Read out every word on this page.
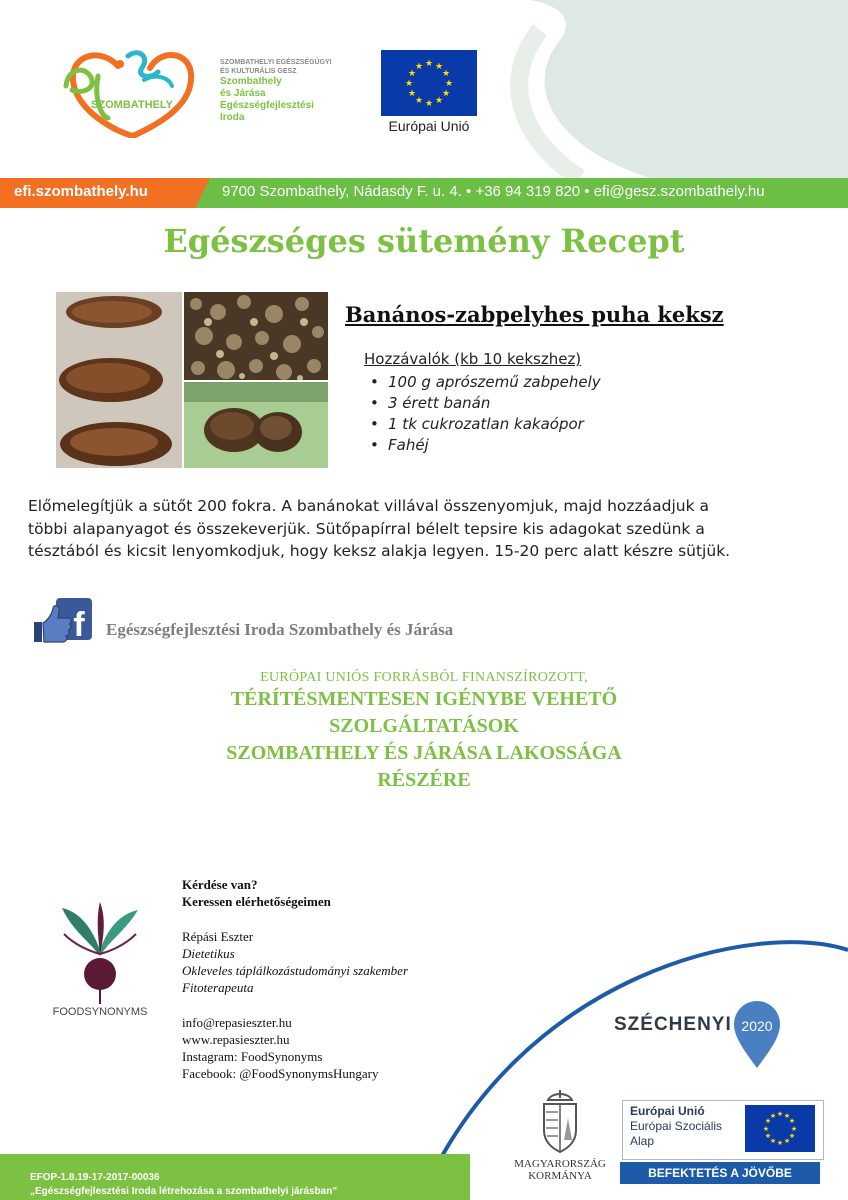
SZOMBATHELY
SZOMBATHELYI EGÉSZSÉGÜGYI
ÉS KULTURÁLIS GESZ
Szombathely
és Járása
Egészségfejlesztési
Iroda
★ ★
★
★
★
★
★
★
★
★
★
★
Európai Unió
efi.szombathely.hu	9700 Szombathely, Nádasdy F. u. 4. • +36 94 319 820 • efi@gesz.szombathely.hu
Egészséges sütemény Recept
Banános-zabpelyhes puha keksz
Hozzávalók (kb 10 kekszhez)
• 100 g aprószemű zabpehely
• 3 érett banán
• 1 tk cukrozatlan kakaópor
• Fahéj
Előmelegítjük a sütőt 200 fokra. A banánokat villával összenyomjuk, majd hozzáadjuk a
többi alapanyagot és összekeverjük. Sütőpapírral bélelt tepsire kis adagokat szedünk a
tésztából és kicsit lenyomkodjuk, hogy keksz alakja legyen. 15-20 perc alatt készre sütjük.
f Egészségfejlesztési Iroda Szombathely és Járása
EURÓPAI UNIÓS FORRÁSBÓL FINANSZÍROZOTT,
TÉRÍTÉSMENTESEN IGÉNYBE VEHETŐ
SZOLGÁLTATÁSOK
SZOMBATHELY ÉS JÁRÁSA LAKOSSÁGA
RÉSZÉRE
FOODSYNONYMS
Kérdése van?
Keressen elérhetőségeimen
Répási Eszter
Dietetikus
Okleveles táplálkozástudományi szakember
Fitoterapeuta
info@repasieszter.hu
www.repasieszter.hu
Instagram: FoodSynonyms
Facebook: @FoodSynonymsHungary
SZÉCHENYI 2020
MAGYARORSZÁG
KORMÁNYA
Európai Unió
Európai Szociális
Alap
★ ★
★
★
★
★
★
★
★
★
★
★
BEFEKTETÉS A JÖVŐBE
EFOP-1.8.19-17-2017-00036
„Egészségfejlesztési Iroda létrehozása a szombathelyi járásban"
